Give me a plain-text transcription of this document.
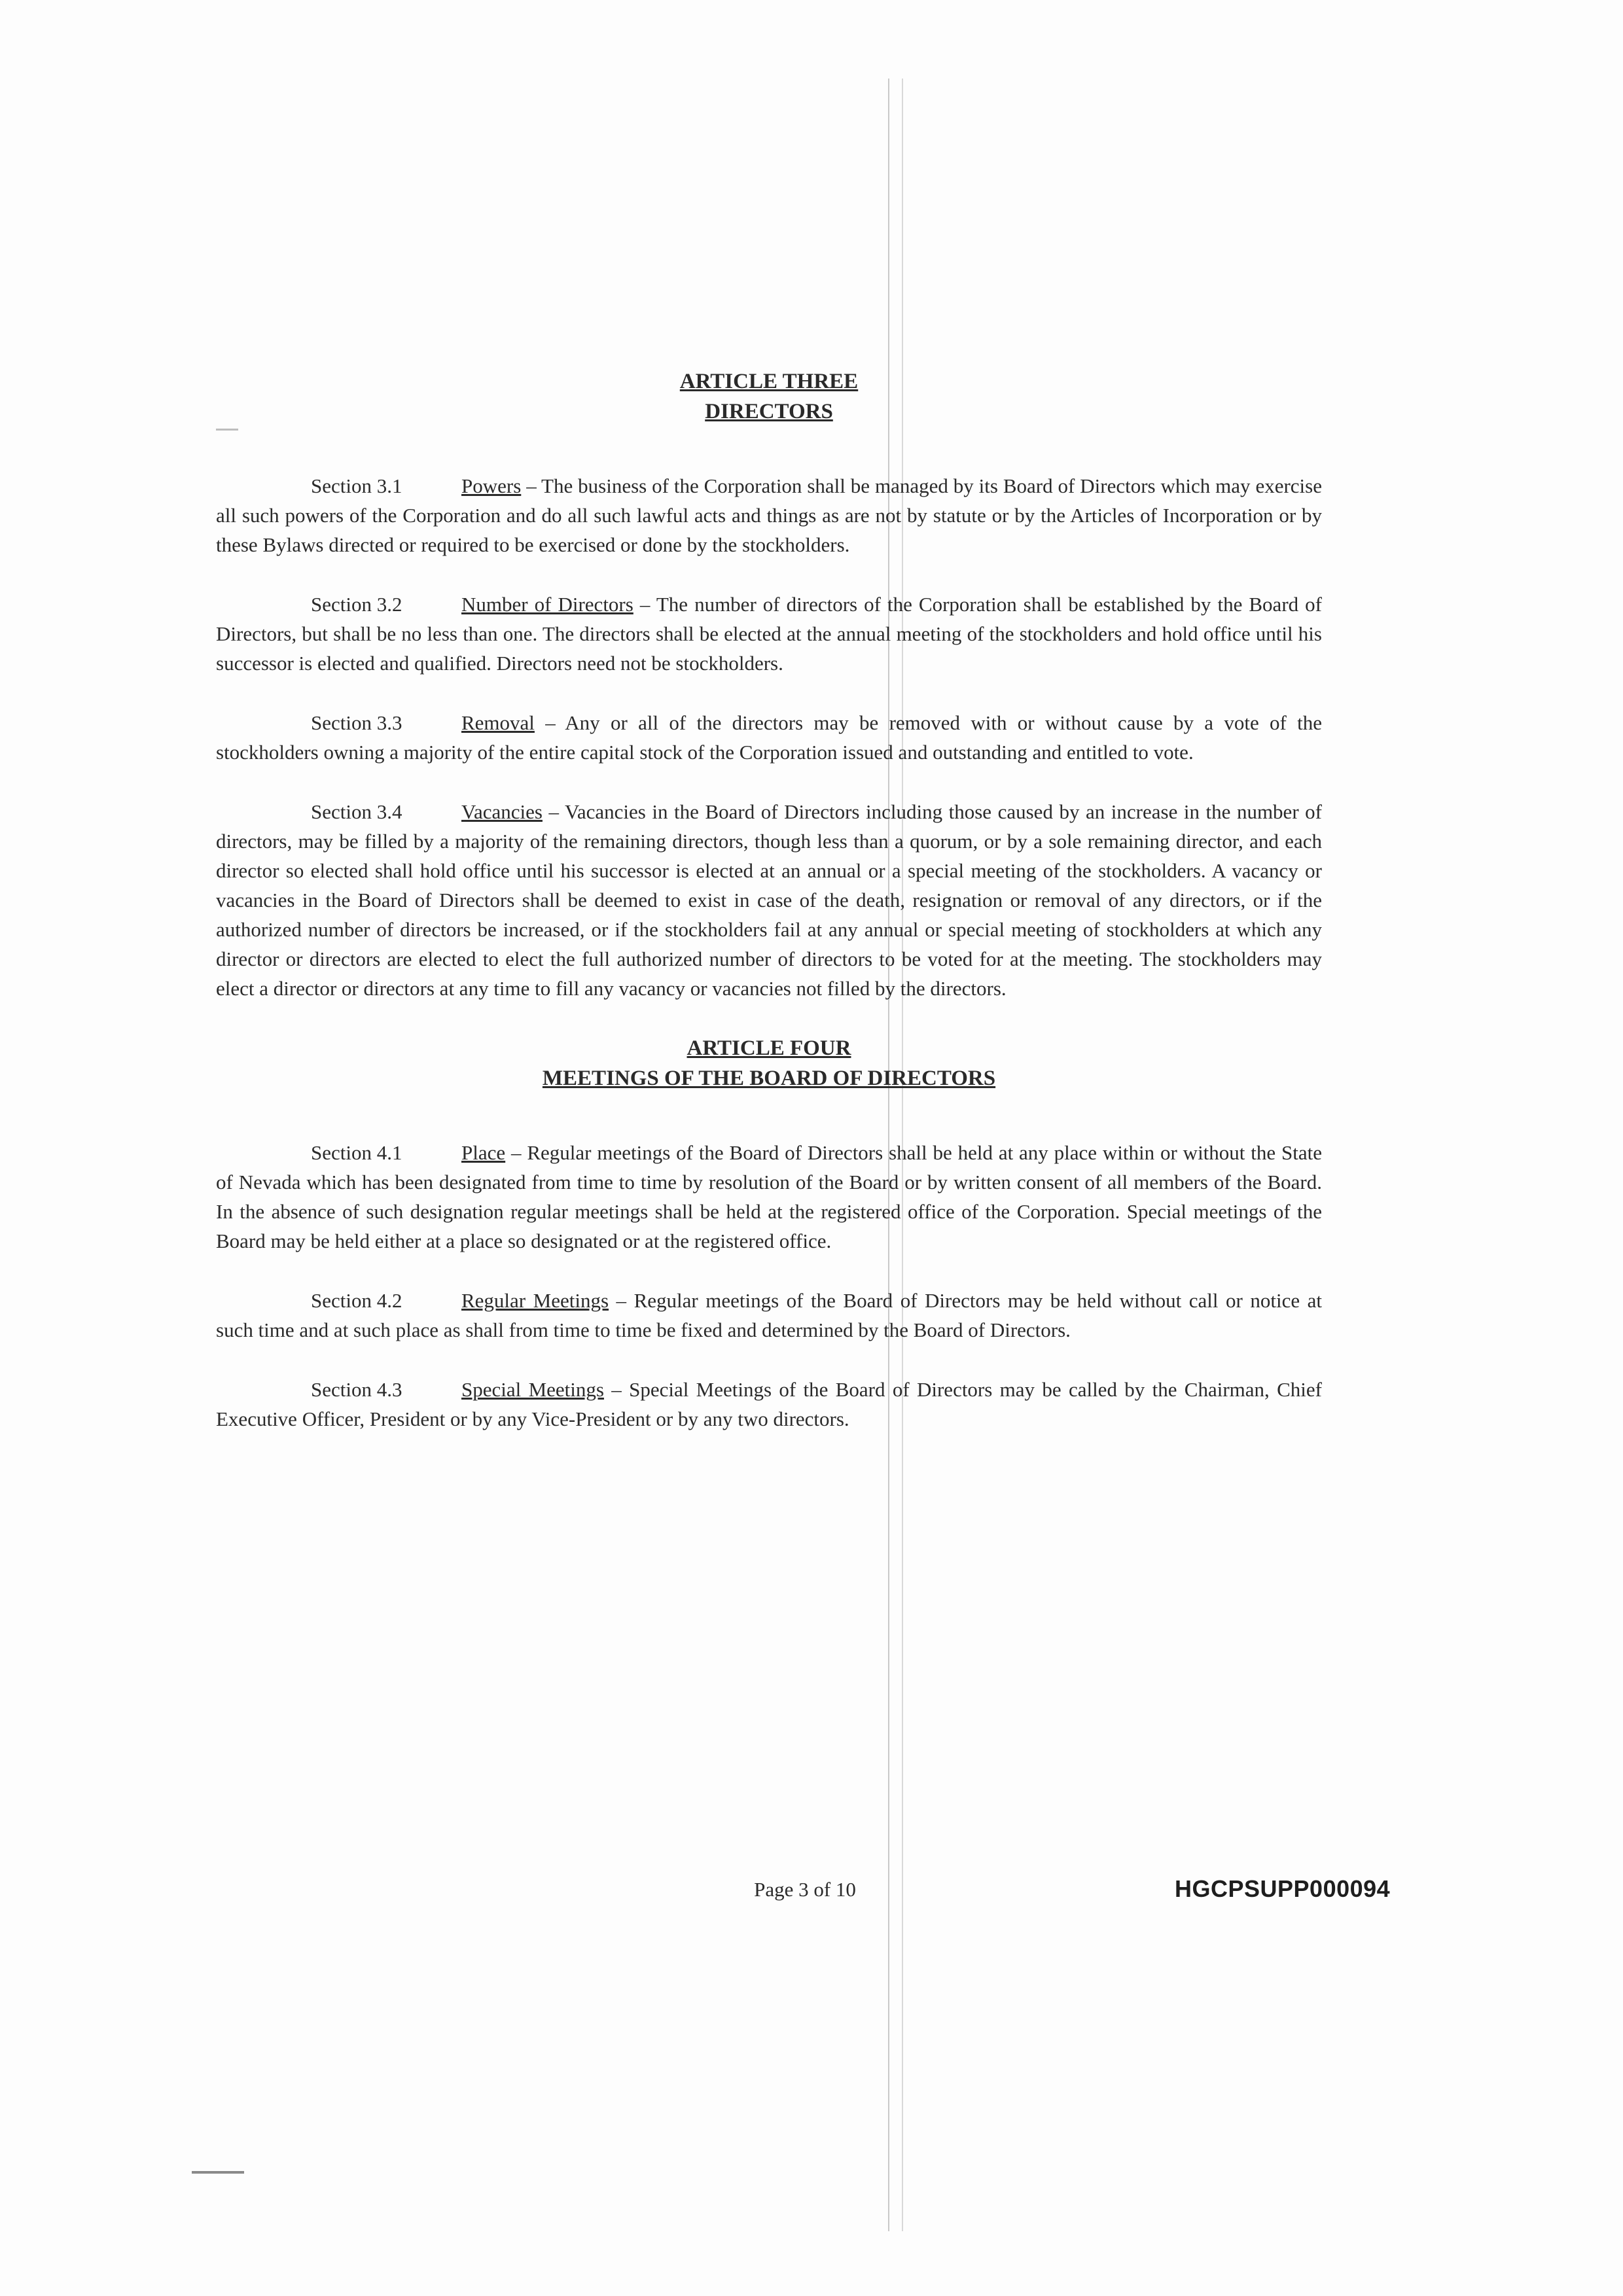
ARTICLE THREE

DIRECTORS

Section 3.1	Powers – The business of the Corporation shall be managed by its Board of Directors which may exercise all such powers of the Corporation and do all such lawful acts and things as are not by statute or by the Articles of Incorporation or by these Bylaws directed or required to be exercised or done by the stockholders.

Section 3.2	Number of Directors – The number of directors of the Corporation shall be established by the Board of Directors, but shall be no less than one. The directors shall be elected at the annual meeting of the stockholders and hold office until his successor is elected and qualified. Directors need not be stockholders.

Section 3.3	Removal – Any or all of the directors may be removed with or without cause by a vote of the stockholders owning a majority of the entire capital stock of the Corporation issued and outstanding and entitled to vote.

Section 3.4	Vacancies – Vacancies in the Board of Directors including those caused by an increase in the number of directors, may be filled by a majority of the remaining directors, though less than a quorum, or by a sole remaining director, and each director so elected shall hold office until his successor is elected at an annual or a special meeting of the stockholders. A vacancy or vacancies in the Board of Directors shall be deemed to exist in case of the death, resignation or removal of any directors, or if the authorized number of directors be increased, or if the stockholders fail at any annual or special meeting of stockholders at which any director or directors are elected to elect the full authorized number of directors to be voted for at the meeting. The stockholders may elect a director or directors at any time to fill any vacancy or vacancies not filled by the directors.

ARTICLE FOUR

MEETINGS OF THE BOARD OF DIRECTORS

Section 4.1	Place – Regular meetings of the Board of Directors shall be held at any place within or without the State of Nevada which has been designated from time to time by resolution of the Board or by written consent of all members of the Board. In the absence of such designation regular meetings shall be held at the registered office of the Corporation. Special meetings of the Board may be held either at a place so designated or at the registered office.

Section 4.2	Regular Meetings – Regular meetings of the Board of Directors may be held without call or notice at such time and at such place as shall from time to time be fixed and determined by the Board of Directors.

Section 4.3	Special Meetings – Special Meetings of the Board of Directors may be called by the Chairman, Chief Executive Officer, President or by any Vice-President or by any two directors.

Page 3 of 10	HGCPSUPP000094
